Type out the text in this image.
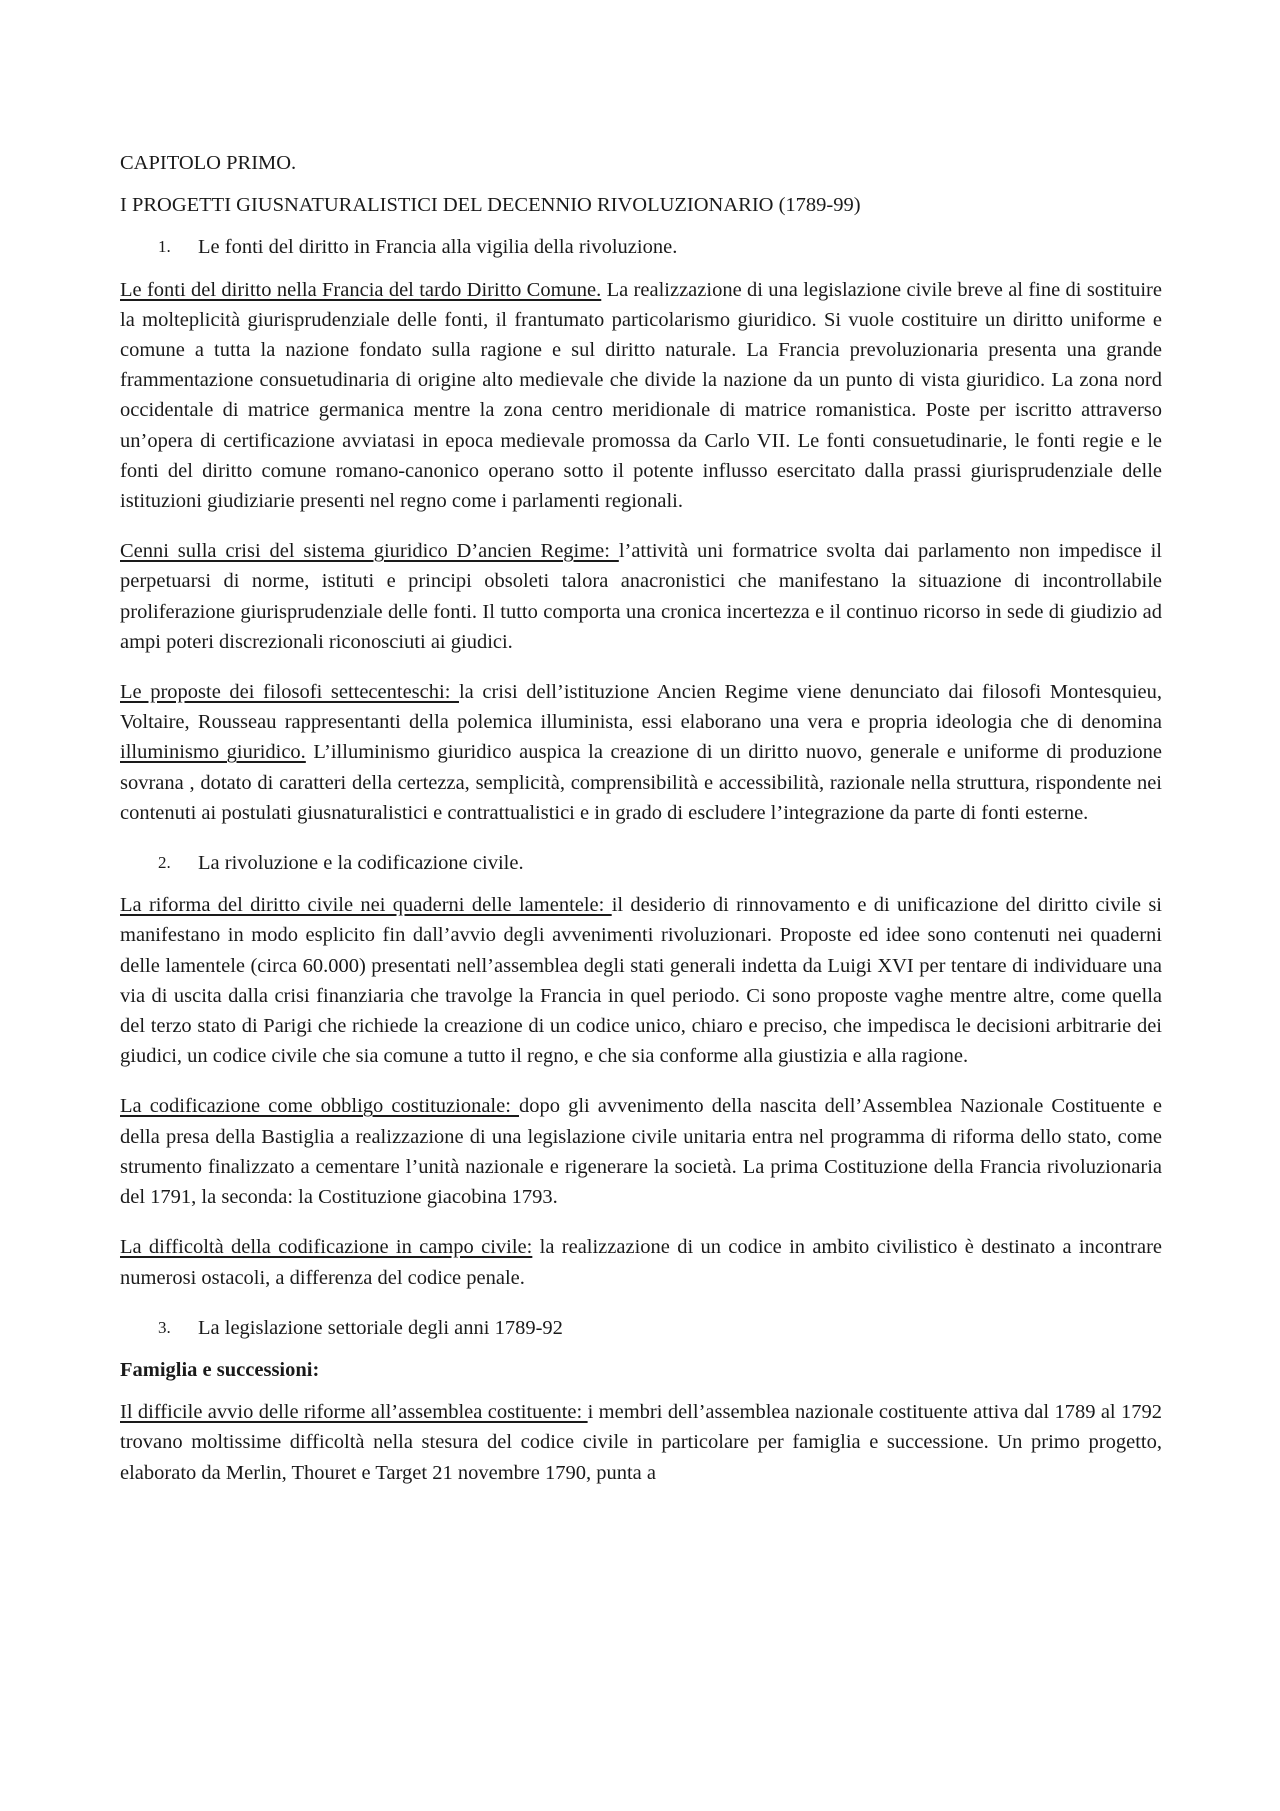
CAPITOLO PRIMO.

I PROGETTI GIUSNATURALISTICI DEL DECENNIO RIVOLUZIONARIO (1789-99)

1.	Le fonti del diritto in Francia alla vigilia della rivoluzione.

Le fonti del diritto nella Francia del tardo Diritto Comune. La realizzazione di una legislazione civile breve al fine di sostituire la molteplicità giurisprudenziale delle fonti, il frantumato particolarismo giuridico. Si vuole costituire un diritto uniforme e comune a tutta la nazione fondato sulla ragione e sul diritto naturale. La Francia prevoluzionaria presenta una grande frammentazione consuetudinaria di origine alto medievale che divide la nazione da un punto di vista giuridico. La zona nord occidentale di matrice germanica mentre la zona centro meridionale di matrice romanistica. Poste per iscritto attraverso un’opera di certificazione avviatasi in epoca medievale promossa da Carlo VII. Le fonti consuetudinarie, le fonti regie e le fonti del diritto comune romano-canonico operano sotto il potente influsso esercitato dalla prassi giurisprudenziale delle istituzioni giudiziarie presenti nel regno come i parlamenti regionali.

Cenni sulla crisi del sistema giuridico D’ancien Regime: l’attività uni formatrice svolta dai parlamento non impedisce il perpetuarsi di norme, istituti e principi obsoleti talora anacronistici che manifestano la situazione di incontrollabile proliferazione giurisprudenziale delle fonti. Il tutto comporta una cronica incertezza e il continuo ricorso in sede di giudizio ad ampi poteri discrezionali riconosciuti ai giudici.

Le proposte dei filosofi settecenteschi: la crisi dell’istituzione Ancien Regime viene denunciato dai filosofi Montesquieu, Voltaire, Rousseau rappresentanti della polemica illuminista, essi elaborano una vera e propria ideologia che di denomina illuminismo giuridico. L’illuminismo giuridico auspica la creazione di un diritto nuovo, generale e uniforme di produzione sovrana , dotato di caratteri della certezza, semplicità, comprensibilità e accessibilità, razionale nella struttura, rispondente nei contenuti ai postulati giusnaturalistici e contrattualistici e in grado di escludere l’integrazione da parte di fonti esterne.

2.	La rivoluzione e la codificazione civile.

La riforma del diritto civile nei quaderni delle lamentele: il desiderio di rinnovamento e di unificazione del diritto civile si manifestano in modo esplicito fin dall’avvio degli avvenimenti rivoluzionari. Proposte ed idee sono contenuti nei quaderni delle lamentele (circa 60.000) presentati nell’assemblea degli stati generali indetta da Luigi XVI per tentare di individuare una via di uscita dalla crisi finanziaria che travolge la Francia in quel periodo. Ci sono proposte vaghe mentre altre, come quella del terzo stato di Parigi che richiede la creazione di un codice unico, chiaro e preciso, che impedisca le decisioni arbitrarie dei giudici, un codice civile che sia comune a tutto il regno, e che sia conforme alla giustizia e alla ragione.

La codificazione come obbligo costituzionale: dopo gli avvenimento della nascita dell’Assemblea Nazionale Costituente e della presa della Bastiglia a realizzazione di una legislazione civile unitaria entra nel programma di riforma dello stato, come strumento finalizzato a cementare l’unità nazionale e rigenerare la società. La prima Costituzione della Francia rivoluzionaria del 1791, la seconda: la Costituzione giacobina 1793.

La difficoltà della codificazione in campo civile: la realizzazione di un codice in ambito civilistico è destinato a incontrare numerosi ostacoli, a differenza del codice penale.

3.	La legislazione settoriale degli anni 1789-92

Famiglia e successioni:

Il difficile avvio delle riforme all’assemblea costituente: i membri dell’assemblea nazionale costituente attiva dal 1789 al 1792 trovano moltissime difficoltà nella stesura del codice civile in particolare per famiglia e successione. Un primo progetto, elaborato da Merlin, Thouret e Target 21 novembre 1790, punta a
